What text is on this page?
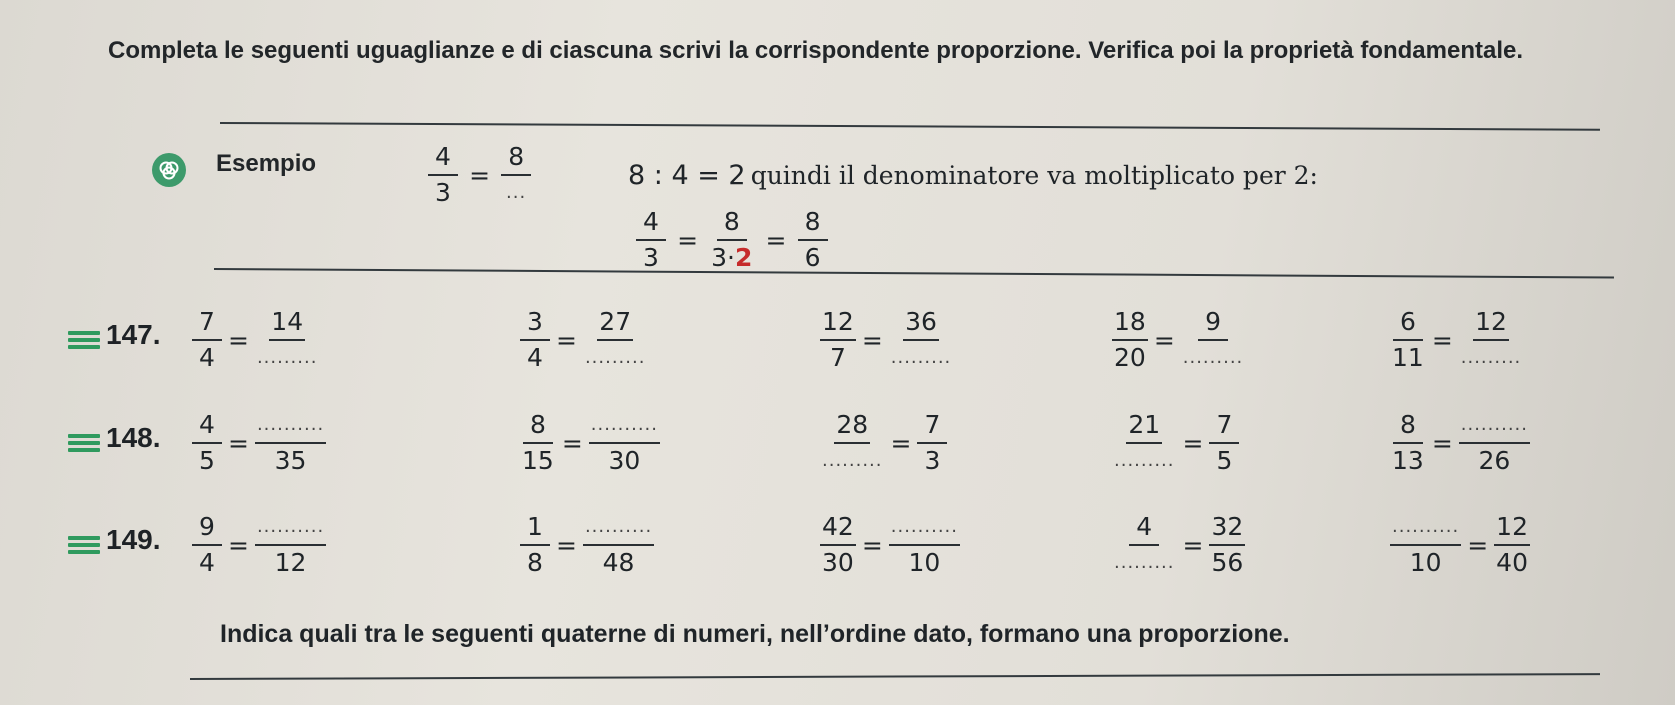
Completa le seguenti uguaglianze e di ciascuna scrivi la corrispondente proporzione. Verifica poi la proprietà fondamentale.
Esempio	$\frac{4}{3} = \frac{8}{...}$	8 : 4 = 2 quindi il denominatore va moltiplicato per 2:
$\frac{4}{3} = \frac{8}{3\cdot 2} = \frac{8}{6}$
147. $\frac{7}{4} = \frac{14}{.........}$	$\frac{3}{4} = \frac{27}{.........}$	$\frac{12}{7} = \frac{36}{.........}$	$\frac{18}{20} = \frac{9}{.........}$	$\frac{6}{11} = \frac{12}{.........}$
148. $\frac{4}{5} = \frac{..........}{35}$	$\frac{8}{15} = \frac{..........}{30}$	$\frac{28}{.........} = \frac{7}{3}$	$\frac{21}{.........} = \frac{7}{5}$	$\frac{8}{13} = \frac{..........}{26}$
149. $\frac{9}{4} = \frac{..........}{12}$	$\frac{1}{8} = \frac{..........}{48}$	$\frac{42}{30} = \frac{..........}{10}$	$\frac{4}{.........} = \frac{32}{56}$	$\frac{..........}{10} = \frac{12}{40}$
Indica quali tra le seguenti quaterne di numeri, nell’ordine dato, formano una proporzione.
